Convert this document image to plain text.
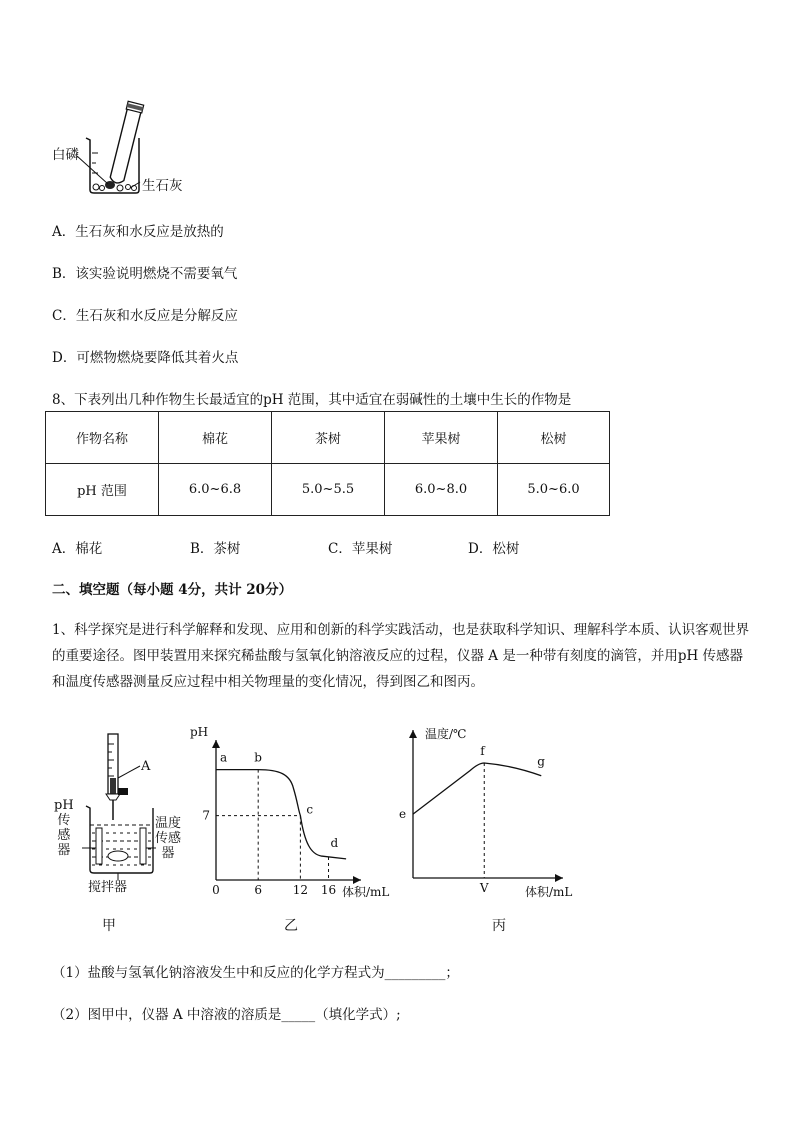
白磷
生石灰
A．生石灰和水反应是放热的
B．该实验说明燃烧不需要氧气
C．生石灰和水反应是分解反应
D．可燃物燃烧要降低其着火点
8、下表列出几种作物生长最适宜的pH 范围，其中适宜在弱碱性的土壤中生长的作物是
作物名称	棉花	茶树	苹果树	松树
pH 范围	6.0~6.8	5.0~5.5	6.0~8.0	5.0~6.0
A．棉花	B．茶树	C．苹果树	D．松树
二、填空题（每小题 4分，共计 20分）
1、科学探究是进行科学解释和发现、应用和创新的科学实践活动，也是获取科学知识、理解科学本质、认识客观世界的重要途径。图甲装置用来探究稀盐酸与氢氧化钠溶液反应的过程，仪器 A 是一种带有刻度的滴管，并用pH 传感器和温度传感器测量反应过程中相关物理量的变化情况，得到图乙和图丙。
A
pH
传
感
器
温度
传感
器
搅拌器
甲
pH
体积/mL
a b
c
d
0	6	12 16
7
乙
温度/℃
体积/mL
e
f
g
V
丙
（1）盐酸与氢氧化钠溶液发生中和反应的化学方程式为_________；
（2）图甲中，仪器 A 中溶液的溶质是_____（填化学式）;
